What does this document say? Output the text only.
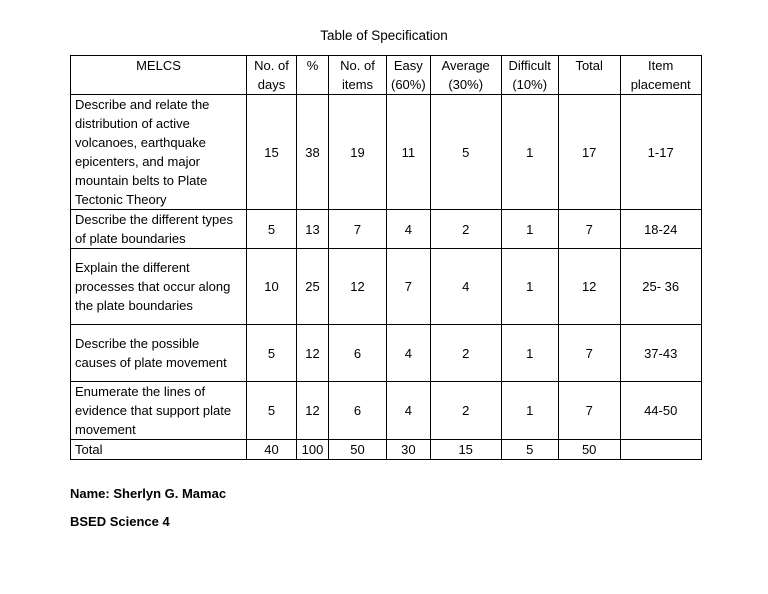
Table of Specification
MELCS	No. of days	%	No. of items	Easy (60%)	Average (30%)	Difficult (10%)	Total	Item placement
Describe and relate the distribution of active volcanoes, earthquake epicenters, and major mountain belts to Plate Tectonic Theory	15	38	19	11	5	1	17	1-17
Describe the different types of plate boundaries	5	13	7	4	2	1	7	18-24
Explain the different processes that occur along the plate boundaries	10	25	12	7	4	1	12	25- 36
Describe the possible causes of plate movement	5	12	6	4	2	1	7	37-43
Enumerate the lines of evidence that support plate movement	5	12	6	4	2	1	7	44-50
Total	40	100	50	30	15	5	50	
Name: Sherlyn G. Mamac
BSED Science 4
